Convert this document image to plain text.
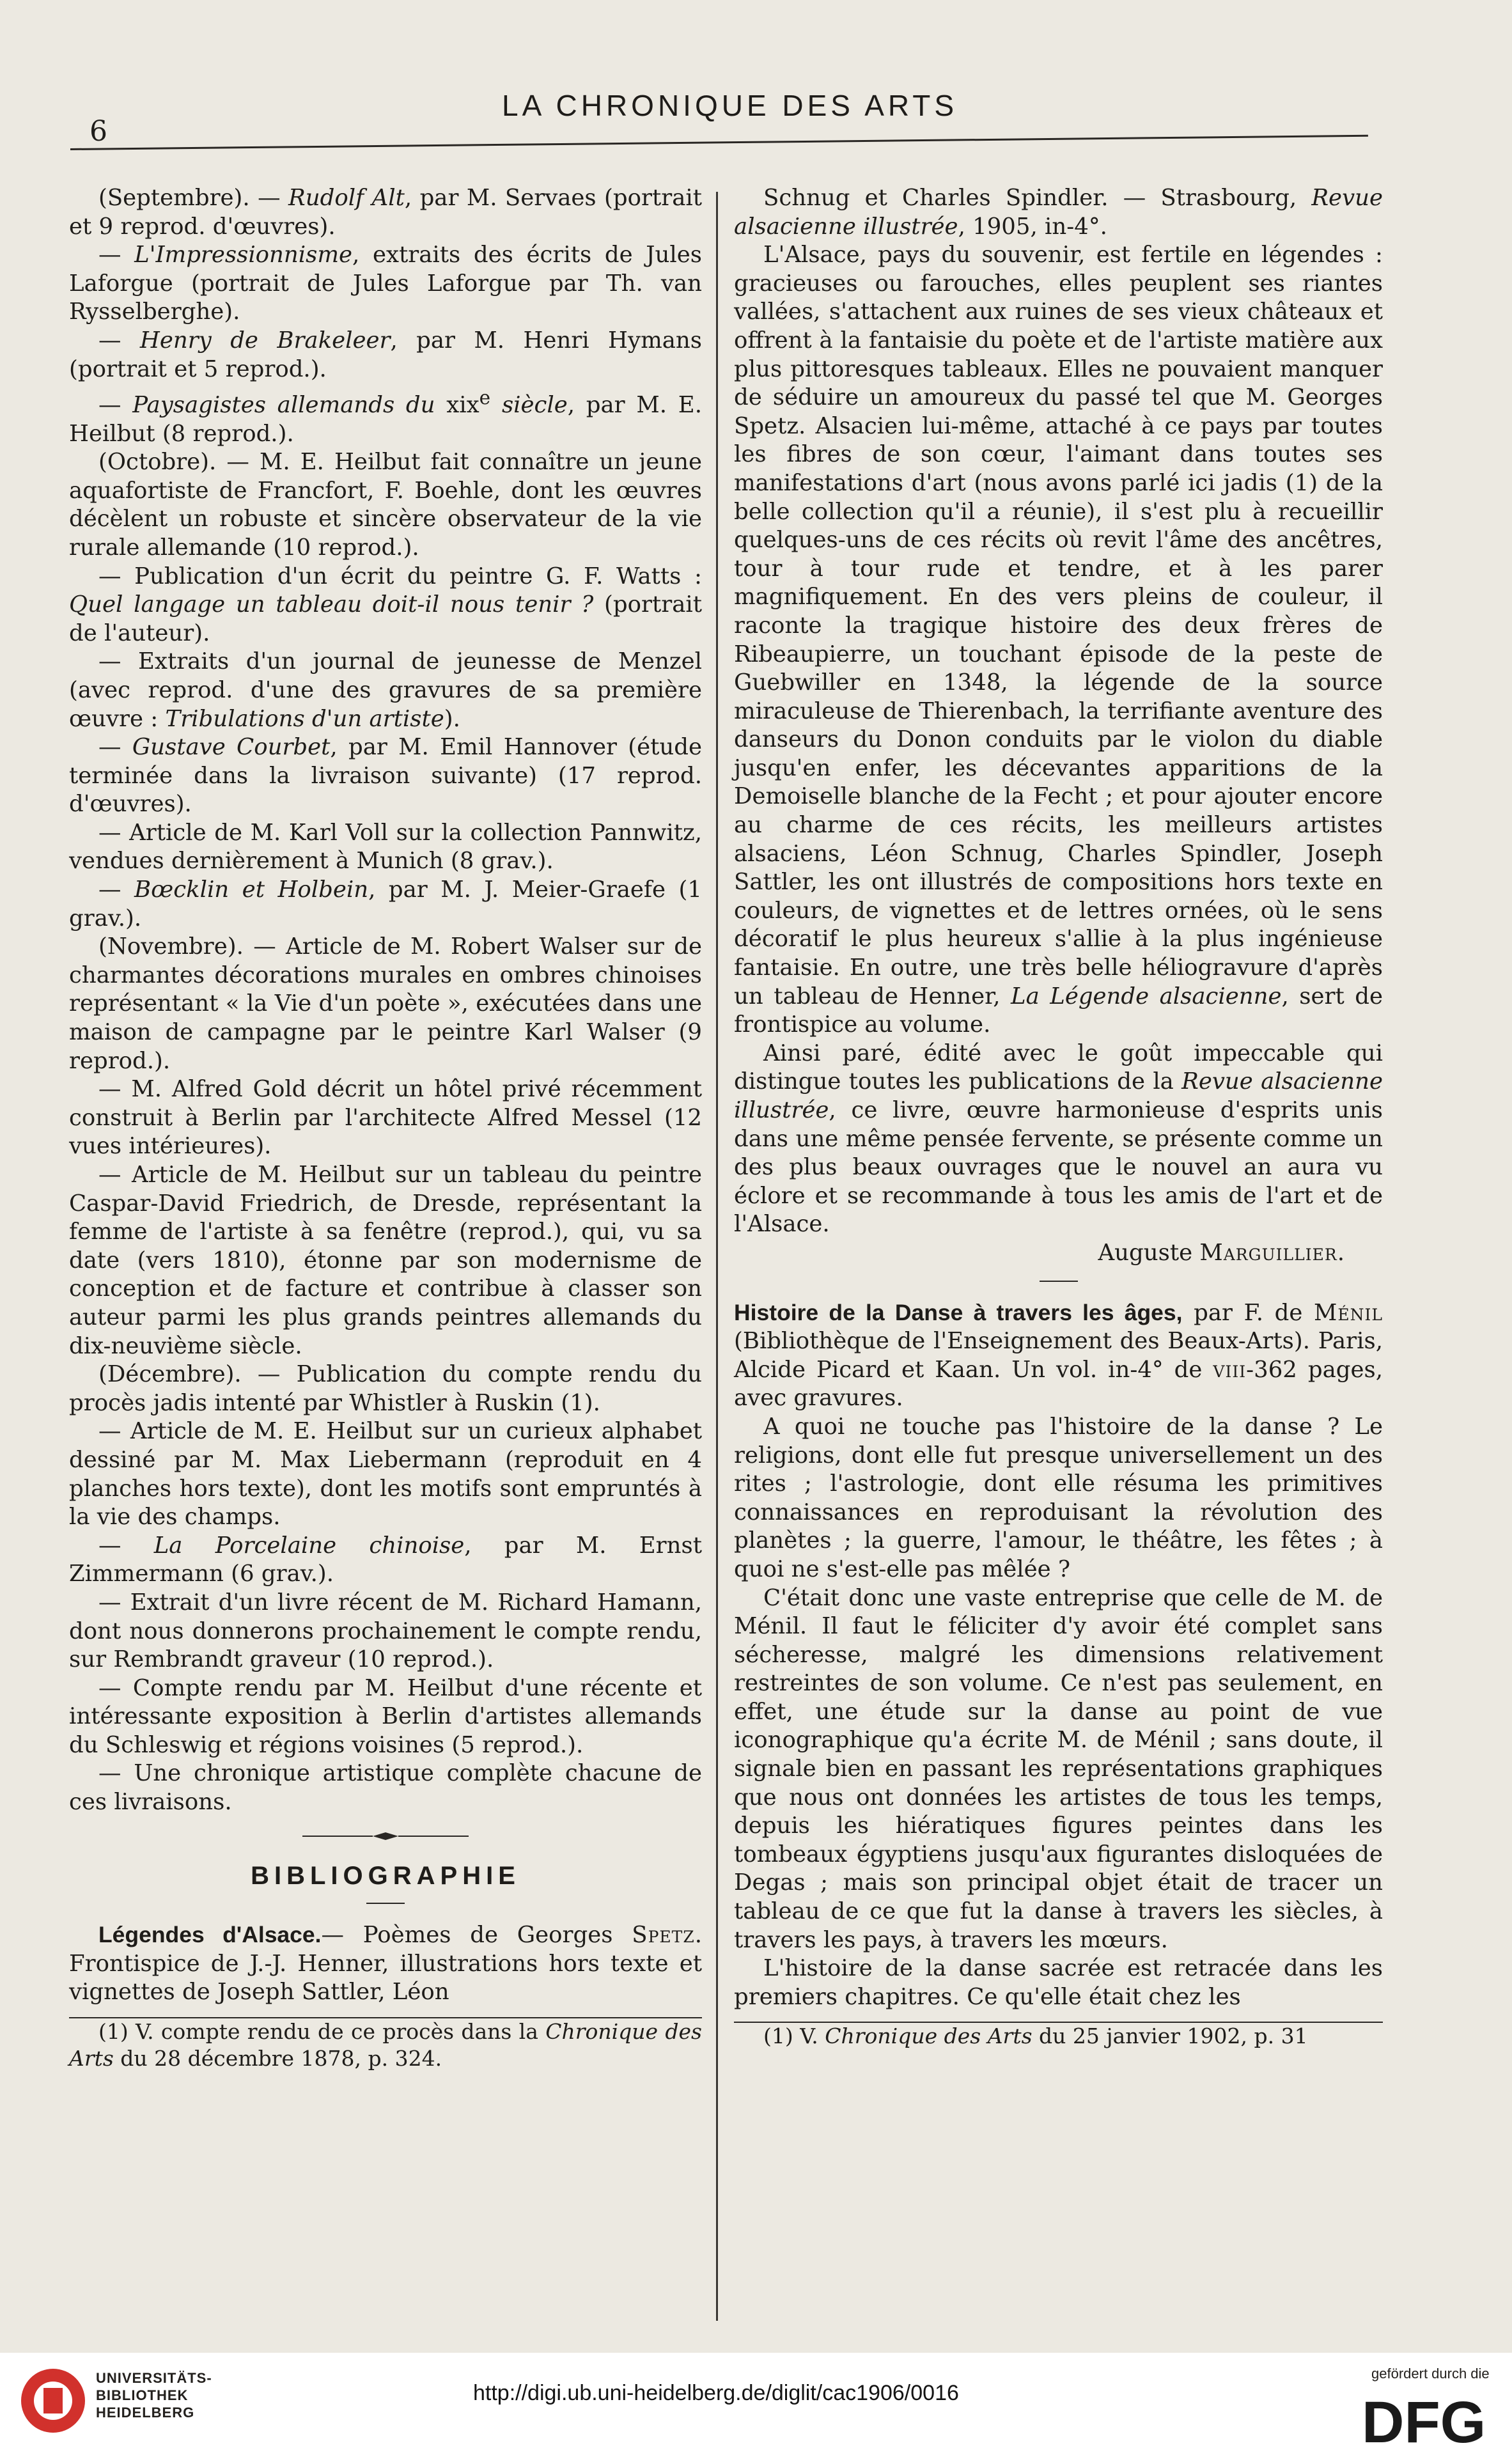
6
LA CHRONIQUE DES ARTS

(Septembre). — Rudolf Alt, par M. Servaes (portrait et 9 reprod. d'œuvres).

— L'Impressionnisme, extraits des écrits de Jules Laforgue (portrait de Jules Laforgue par Th. van Rysselberghe).

— Henry de Brakeleer, par M. Henri Hymans (portrait et 5 reprod.).

— Paysagistes allemands du xix$^e$ siècle, par M. E. Heilbut (8 reprod.).

(Octobre). — M. E. Heilbut fait connaître un jeune aquafortiste de Francfort, F. Boehle, dont les œuvres décèlent un robuste et sincère observateur de la vie rurale allemande (10 reprod.).

— Publication d'un écrit du peintre G. F. Watts : Quel langage un tableau doit-il nous tenir ? (portrait de l'auteur).

— Extraits d'un journal de jeunesse de Menzel (avec reprod. d'une des gravures de sa première œuvre : Tribulations d'un artiste).

— Gustave Courbet, par M. Emil Hannover (étude terminée dans la livraison suivante) (17 reprod. d'œuvres).

— Article de M. Karl Voll sur la collection Pannwitz, vendues dernièrement à Munich (8 grav.).

— Bœcklin et Holbein, par M. J. Meier-Graefe (1 grav.).

(Novembre). — Article de M. Robert Walser sur de charmantes décorations murales en ombres chinoises représentant « la Vie d'un poète », exécutées dans une maison de campagne par le peintre Karl Walser (9 reprod.).

— M. Alfred Gold décrit un hôtel privé récemment construit à Berlin par l'architecte Alfred Messel (12 vues intérieures).

— Article de M. Heilbut sur un tableau du peintre Caspar-David Friedrich, de Dresde, représentant la femme de l'artiste à sa fenêtre (reprod.), qui, vu sa date (vers 1810), étonne par son modernisme de conception et de facture et contribue à classer son auteur parmi les plus grands peintres allemands du dix-neuvième siècle.

(Décembre). — Publication du compte rendu du procès jadis intenté par Whistler à Ruskin (1).

— Article de M. E. Heilbut sur un curieux alphabet dessiné par M. Max Liebermann (reproduit en 4 planches hors texte), dont les motifs sont empruntés à la vie des champs.

— La Porcelaine chinoise, par M. Ernst Zimmermann (6 grav.).

— Extrait d'un livre récent de M. Richard Hamann, dont nous donnerons prochainement le compte rendu, sur Rembrandt graveur (10 reprod.).

— Compte rendu par M. Heilbut d'une récente et intéressante exposition à Berlin d'artistes allemands du Schleswig et régions voisines (5 reprod.).

— Une chronique artistique complète chacune de ces livraisons.

BIBLIOGRAPHIE

Légendes d'Alsace.— Poèmes de Georges Spetz. Frontispice de J.-J. Henner, illustrations hors texte et vignettes de Joseph Sattler, Léon

(1) V. compte rendu de ce procès dans la Chronique des Arts du 28 décembre 1878, p. 324.

Schnug et Charles Spindler. — Strasbourg, Revue alsacienne illustrée, 1905, in-4°.

L'Alsace, pays du souvenir, est fertile en légendes : gracieuses ou farouches, elles peuplent ses riantes vallées, s'attachent aux ruines de ses vieux châteaux et offrent à la fantaisie du poète et de l'artiste matière aux plus pittoresques tableaux. Elles ne pouvaient manquer de séduire un amoureux du passé tel que M. Georges Spetz. Alsacien lui-même, attaché à ce pays par toutes les fibres de son cœur, l'aimant dans toutes ses manifestations d'art (nous avons parlé ici jadis (1) de la belle collection qu'il a réunie), il s'est plu à recueillir quelques-uns de ces récits où revit l'âme des ancêtres, tour à tour rude et tendre, et à les parer magnifiquement. En des vers pleins de couleur, il raconte la tragique histoire des deux frères de Ribeaupierre, un touchant épisode de la peste de Guebwiller en 1348, la légende de la source miraculeuse de Thierenbach, la terrifiante aventure des danseurs du Donon conduits par le violon du diable jusqu'en enfer, les décevantes apparitions de la Demoiselle blanche de la Fecht ; et pour ajouter encore au charme de ces récits, les meilleurs artistes alsaciens, Léon Schnug, Charles Spindler, Joseph Sattler, les ont illustrés de compositions hors texte en couleurs, de vignettes et de lettres ornées, où le sens décoratif le plus heureux s'allie à la plus ingénieuse fantaisie. En outre, une très belle héliogravure d'après un tableau de Henner, La Légende alsacienne, sert de frontispice au volume.

Ainsi paré, édité avec le goût impeccable qui distingue toutes les publications de la Revue alsacienne illustrée, ce livre, œuvre harmonieuse d'esprits unis dans une même pensée fervente, se présente comme un des plus beaux ouvrages que le nouvel an aura vu éclore et se recommande à tous les amis de l'art et de l'Alsace.

Auguste Marguillier.

Histoire de la Danse à travers les âges, par F. de Ménil (Bibliothèque de l'Enseignement des Beaux-Arts). Paris, Alcide Picard et Kaan. Un vol. in-4° de viii-362 pages, avec gravures.

A quoi ne touche pas l'histoire de la danse ? Le religions, dont elle fut presque universellement un des rites ; l'astrologie, dont elle résuma les primitives connaissances en reproduisant la révolution des planètes ; la guerre, l'amour, le théâtre, les fêtes ; à quoi ne s'est-elle pas mêlée ?

C'était donc une vaste entreprise que celle de M. de Ménil. Il faut le féliciter d'y avoir été complet sans sécheresse, malgré les dimensions relativement restreintes de son volume. Ce n'est pas seulement, en effet, une étude sur la danse au point de vue iconographique qu'a écrite M. de Ménil ; sans doute, il signale bien en passant les représentations graphiques que nous ont données les artistes de tous les temps, depuis les hiératiques figures peintes dans les tombeaux égyptiens jusqu'aux figurantes disloquées de Degas ; mais son principal objet était de tracer un tableau de ce que fut la danse à travers les siècles, à travers les pays, à travers les mœurs.

L'histoire de la danse sacrée est retracée dans les premiers chapitres. Ce qu'elle était chez les

(1) V. Chronique des Arts du 25 janvier 1902, p. 31

UNIVERSITÄTS-
BIBLIOTHEK
HEIDELBERG
http://digi.ub.uni-heidelberg.de/diglit/cac1906/0016
gefördert durch die
DFG
